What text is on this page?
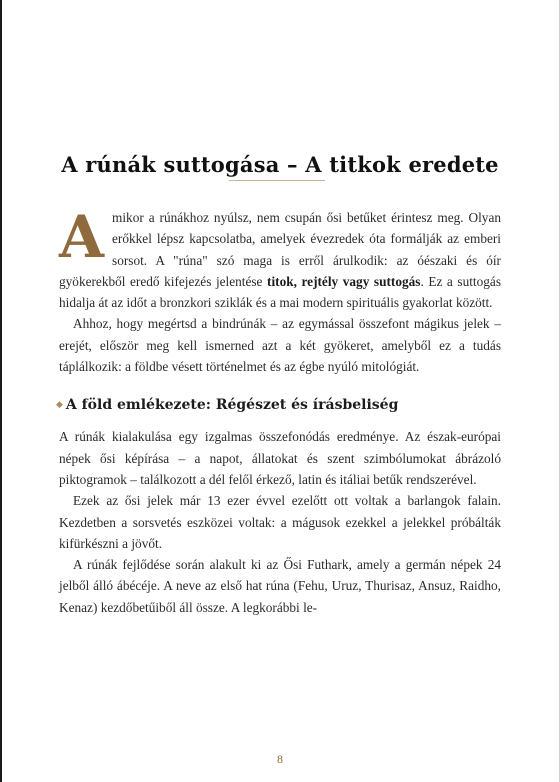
A rúnák suttogása – A titkok eredete

Amikor a rúnákhoz nyúlsz, nem csupán ősi betűket érintesz meg. Olyan erőkkel lépsz kapcsolatba, amelyek évezredek óta formálják az emberi sorsot. A "rúna" szó maga is erről árulkodik: az óészaki és óír gyökerekből eredő kifejezés jelentése titok, rejtély vagy suttogás. Ez a suttogás hidalja át az időt a bronzkori sziklák és a mai modern spirituális gyakorlat között.

Ahhoz, hogy megértsd a bindrúnák – az egymással összefont mágikus jelek – erejét, először meg kell ismerned azt a két gyökeret, amelyből ez a tudás táplálkozik: a földbe vésett történelmet és az égbe nyúló mitológiát.

◆ A föld emlékezete: Régészet és írásbeliség

A rúnák kialakulása egy izgalmas összefonódás eredménye. Az észak-európai népek ősi képírása – a napot, állatokat és szent szimbólumokat ábrázoló piktogramok – találkozott a dél felől érkező, latin és itáliai betűk rendszerével.

Ezek az ősi jelek már 13 ezer évvel ezelőtt ott voltak a barlangok falain. Kezdetben a sorsvetés eszközei voltak: a mágusok ezekkel a jelekkel próbálták kifürkészni a jövőt.

A rúnák fejlődése során alakult ki az Ősi Futhark, amely a germán népek 24 jelből álló ábécéje. A neve az első hat rúna (Fehu, Uruz, Thurisaz, Ansuz, Raidho, Kenaz) kezdőbetűiből áll össze. A legkorábbi le-

8
